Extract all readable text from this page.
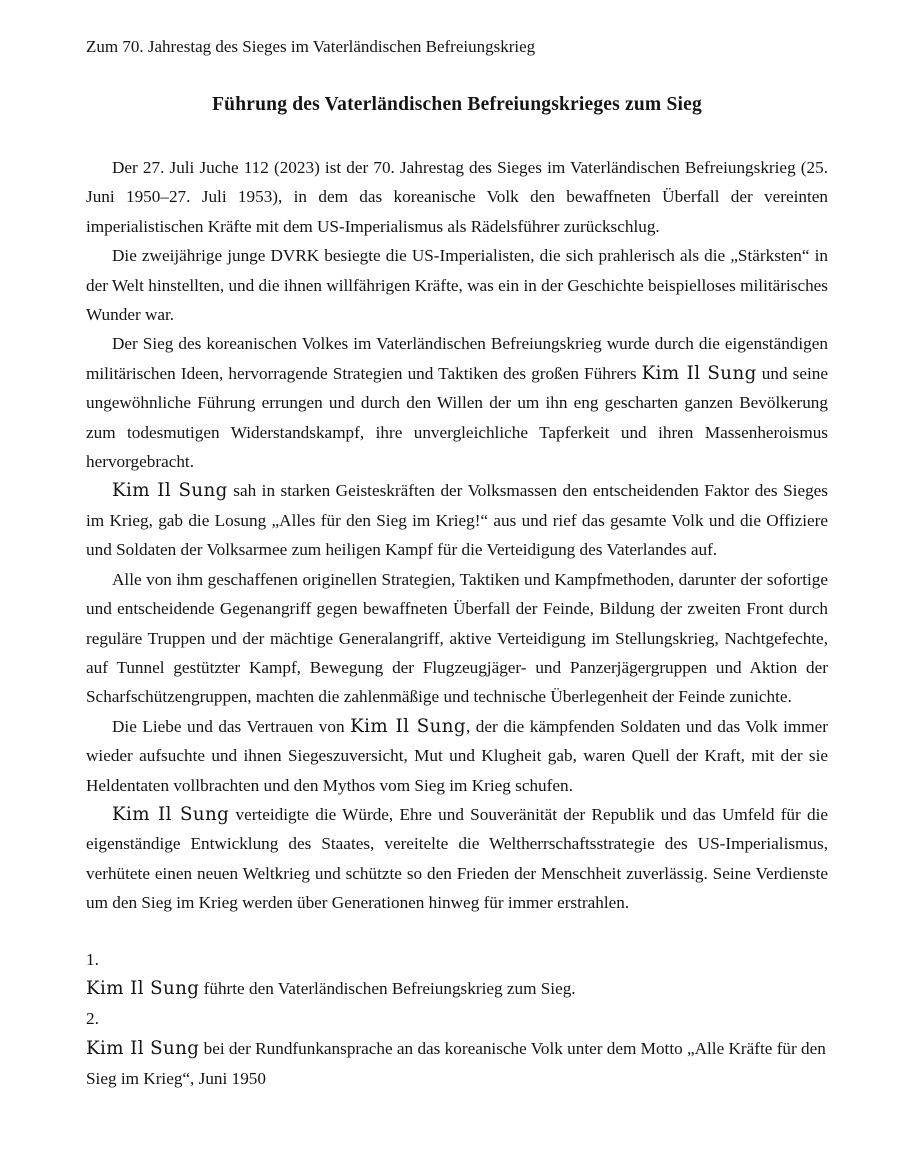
Zum 70. Jahrestag des Sieges im Vaterländischen Befreiungskrieg
Führung des Vaterländischen Befreiungskrieges zum Sieg

Der 27. Juli Juche 112 (2023) ist der 70. Jahrestag des Sieges im Vaterländischen Befreiungskrieg (25. Juni 1950–27. Juli 1953), in dem das koreanische Volk den bewaffneten Überfall der vereinten imperialistischen Kräfte mit dem US-Imperialismus als Rädelsführer zurückschlug.

Die zweijährige junge DVRK besiegte die US-Imperialisten, die sich prahlerisch als die „Stärksten“ in der Welt hinstellten, und die ihnen willfährigen Kräfte, was ein in der Geschichte beispielloses militärisches Wunder war.

Der Sieg des koreanischen Volkes im Vaterländischen Befreiungskrieg wurde durch die eigenständigen militärischen Ideen, hervorragende Strategien und Taktiken des großen Führers Kim Il Sung und seine ungewöhnliche Führung errungen und durch den Willen der um ihn eng gescharten ganzen Bevölkerung zum todesmutigen Widerstandskampf, ihre unvergleichliche Tapferkeit und ihren Massenheroismus hervorgebracht.

Kim Il Sung sah in starken Geisteskräften der Volksmassen den entscheidenden Faktor des Sieges im Krieg, gab die Losung „Alles für den Sieg im Krieg!“ aus und rief das gesamte Volk und die Offiziere und Soldaten der Volksarmee zum heiligen Kampf für die Verteidigung des Vaterlandes auf.

Alle von ihm geschaffenen originellen Strategien, Taktiken und Kampfmethoden, darunter der sofortige und entscheidende Gegenangriff gegen bewaffneten Überfall der Feinde, Bildung der zweiten Front durch reguläre Truppen und der mächtige Generalangriff, aktive Verteidigung im Stellungskrieg, Nachtgefechte, auf Tunnel gestützter Kampf, Bewegung der Flugzeugjäger- und Panzerjägergruppen und Aktion der Scharfschützengruppen, machten die zahlenmäßige und technische Überlegenheit der Feinde zunichte.

Die Liebe und das Vertrauen von Kim Il Sung, der die kämpfenden Soldaten und das Volk immer wieder aufsuchte und ihnen Siegeszuversicht, Mut und Klugheit gab, waren Quell der Kraft, mit der sie Heldentaten vollbrachten und den Mythos vom Sieg im Krieg schufen.

Kim Il Sung verteidigte die Würde, Ehre und Souveränität der Republik und das Umfeld für die eigenständige Entwicklung des Staates, vereitelte die Weltherrschaftsstrategie des US-Imperialismus, verhütete einen neuen Weltkrieg und schützte so den Frieden der Menschheit zuverlässig. Seine Verdienste um den Sieg im Krieg werden über Generationen hinweg für immer erstrahlen.

1.

Kim Il Sung führte den Vaterländischen Befreiungskrieg zum Sieg.

2.

Kim Il Sung bei der Rundfunkansprache an das koreanische Volk unter dem Motto „Alle Kräfte für den Sieg im Krieg“, Juni 1950
